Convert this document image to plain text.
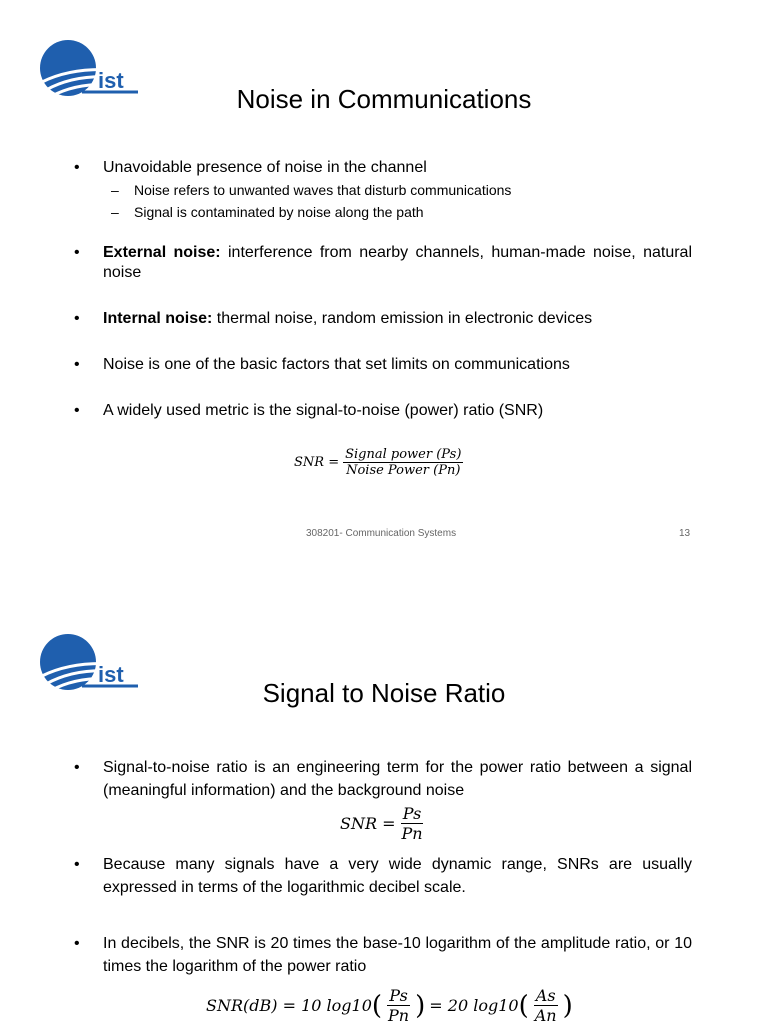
ist
Noise in Communications
• Unavoidable presence of noise in the channel
– Noise refers to unwanted waves that disturb communications
– Signal is contaminated by noise along the path
• External noise: interference from nearby channels, human-made noise, natural noise
• Internal noise: thermal noise, random emission in electronic devices
• Noise is one of the basic factors that set limits on communications
• A widely used metric is the signal-to-noise (power) ratio (SNR)
SNR = $\frac{\text{Signal power (Ps)}}{\text{Noise Power (Pn)}}$
308201- Communication Systems	13
ist
Signal to Noise Ratio
• Signal-to-noise ratio is an engineering term for the power ratio between a signal (meaningful information) and the background noise
SNR = $\frac{Ps}{Pn}$
• Because many signals have a very wide dynamic range, SNRs are usually expressed in terms of the logarithmic decibel scale.
• In decibels, the SNR is 20 times the base-10 logarithm of the amplitude ratio, or 10 times the logarithm of the power ratio
SNR(dB) = 10 log10 ( $\frac{Ps}{Pn}$ ) = 20 log10 ( $\frac{As}{An}$ )
